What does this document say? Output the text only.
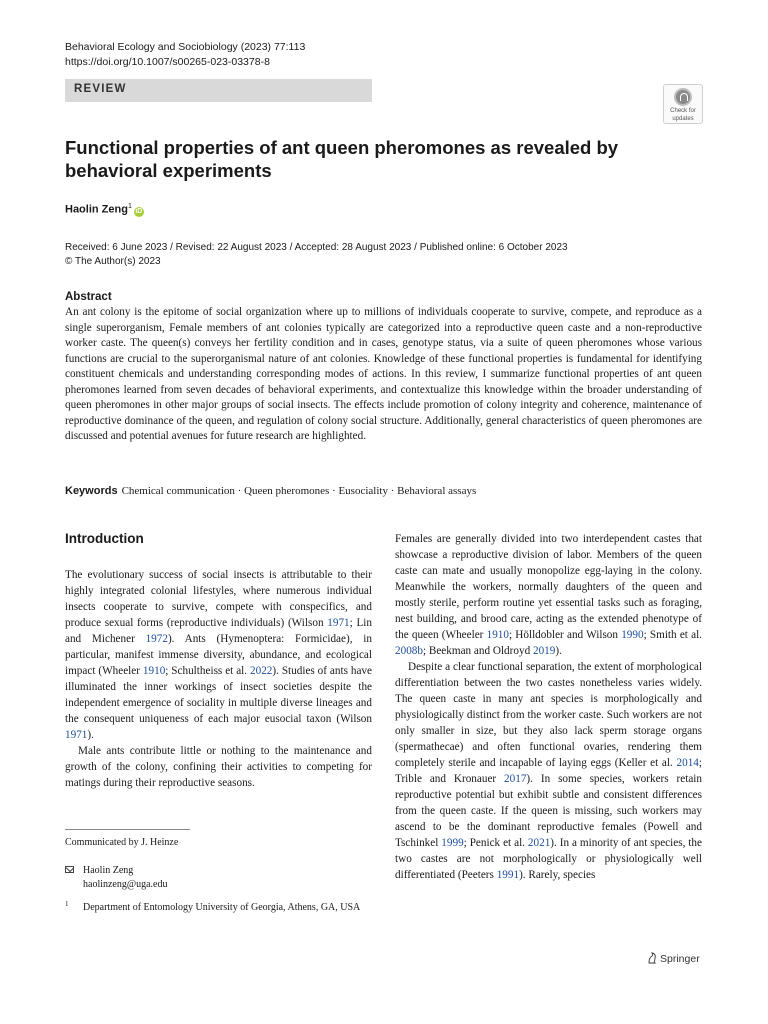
Behavioral Ecology and Sociobiology (2023) 77:113
https://doi.org/10.1007/s00265-023-03378-8
REVIEW
Check for
updates
Functional properties of ant queen pheromones as revealed by behavioral experiments
Haolin Zeng$^1$iD
Received: 6 June 2023 / Revised: 22 August 2023 / Accepted: 28 August 2023 / Published online: 6 October 2023
© The Author(s) 2023
Abstract

An ant colony is the epitome of social organization where up to millions of individuals cooperate to survive, compete, and reproduce as a single superorganism, Female members of ant colonies typically are categorized into a reproductive queen caste and a non-reproductive worker caste. The queen(s) conveys her fertility condition and in cases, genotype status, via a suite of queen pheromones whose various functions are crucial to the superorganismal nature of ant colonies. Knowledge of these functional properties is fundamental for identifying constituent chemicals and understanding corresponding modes of actions. In this review, I summarize functional properties of ant queen pheromones learned from seven decades of behavioral experiments, and contextualize this knowledge within the broader understanding of queen pheromones in other major groups of social insects. The effects include promotion of colony integrity and coherence, maintenance of reproductive dominance of the queen, and regulation of colony social structure. Additionally, general characteristics of queen pheromones are discussed and potential avenues for future research are highlighted.

Keywords Chemical communication · Queen pheromones · Eusociality · Behavioral assays
Introduction

The evolutionary success of social insects is attributable to their highly integrated colonial lifestyles, where numerous individual insects cooperate to survive, compete with conspecifics, and produce sexual forms (reproductive individuals) (Wilson 1971; Lin and Michener 1972). Ants (Hymenoptera: Formicidae), in particular, manifest immense diversity, abundance, and ecological impact (Wheeler 1910; Schultheiss et al. 2022). Studies of ants have illuminated the inner workings of insect societies despite the independent emergence of sociality in multiple diverse lineages and the consequent uniqueness of each major eusocial taxon (Wilson 1971).

Male ants contribute little or nothing to the maintenance and growth of the colony, confining their activities to competing for matings during their reproductive seasons.

Females are generally divided into two interdependent castes that showcase a reproductive division of labor. Members of the queen caste can mate and usually monopolize egg-laying in the colony. Meanwhile the workers, normally daughters of the queen and mostly sterile, perform routine yet essential tasks such as foraging, nest building, and brood care, acting as the extended phenotype of the queen (Wheeler 1910; Hölldobler and Wilson 1990; Smith et al. 2008b; Beekman and Oldroyd 2019).

Despite a clear functional separation, the extent of morphological differentiation between the two castes nonetheless varies widely. The queen caste in many ant species is morphologically and physiologically distinct from the worker caste. Such workers are not only smaller in size, but they also lack sperm storage organs (spermathecae) and often functional ovaries, rendering them completely sterile and incapable of laying eggs (Keller et al. 2014; Trible and Kronauer 2017). In some species, workers retain reproductive potential but exhibit subtle and consistent differences from the queen caste. If the queen is missing, such workers may ascend to be the dominant reproductive females (Powell and Tschinkel 1999; Penick et al. 2021). In a minority of ant species, the two castes are not morphologically or physiologically well differentiated (Peeters 1991). Rarely, species

Communicated by J. Heinze
Haolin Zeng
haolinzeng@uga.edu
1 Department of Entomology University of Georgia, Athens, GA, USA
Springer
